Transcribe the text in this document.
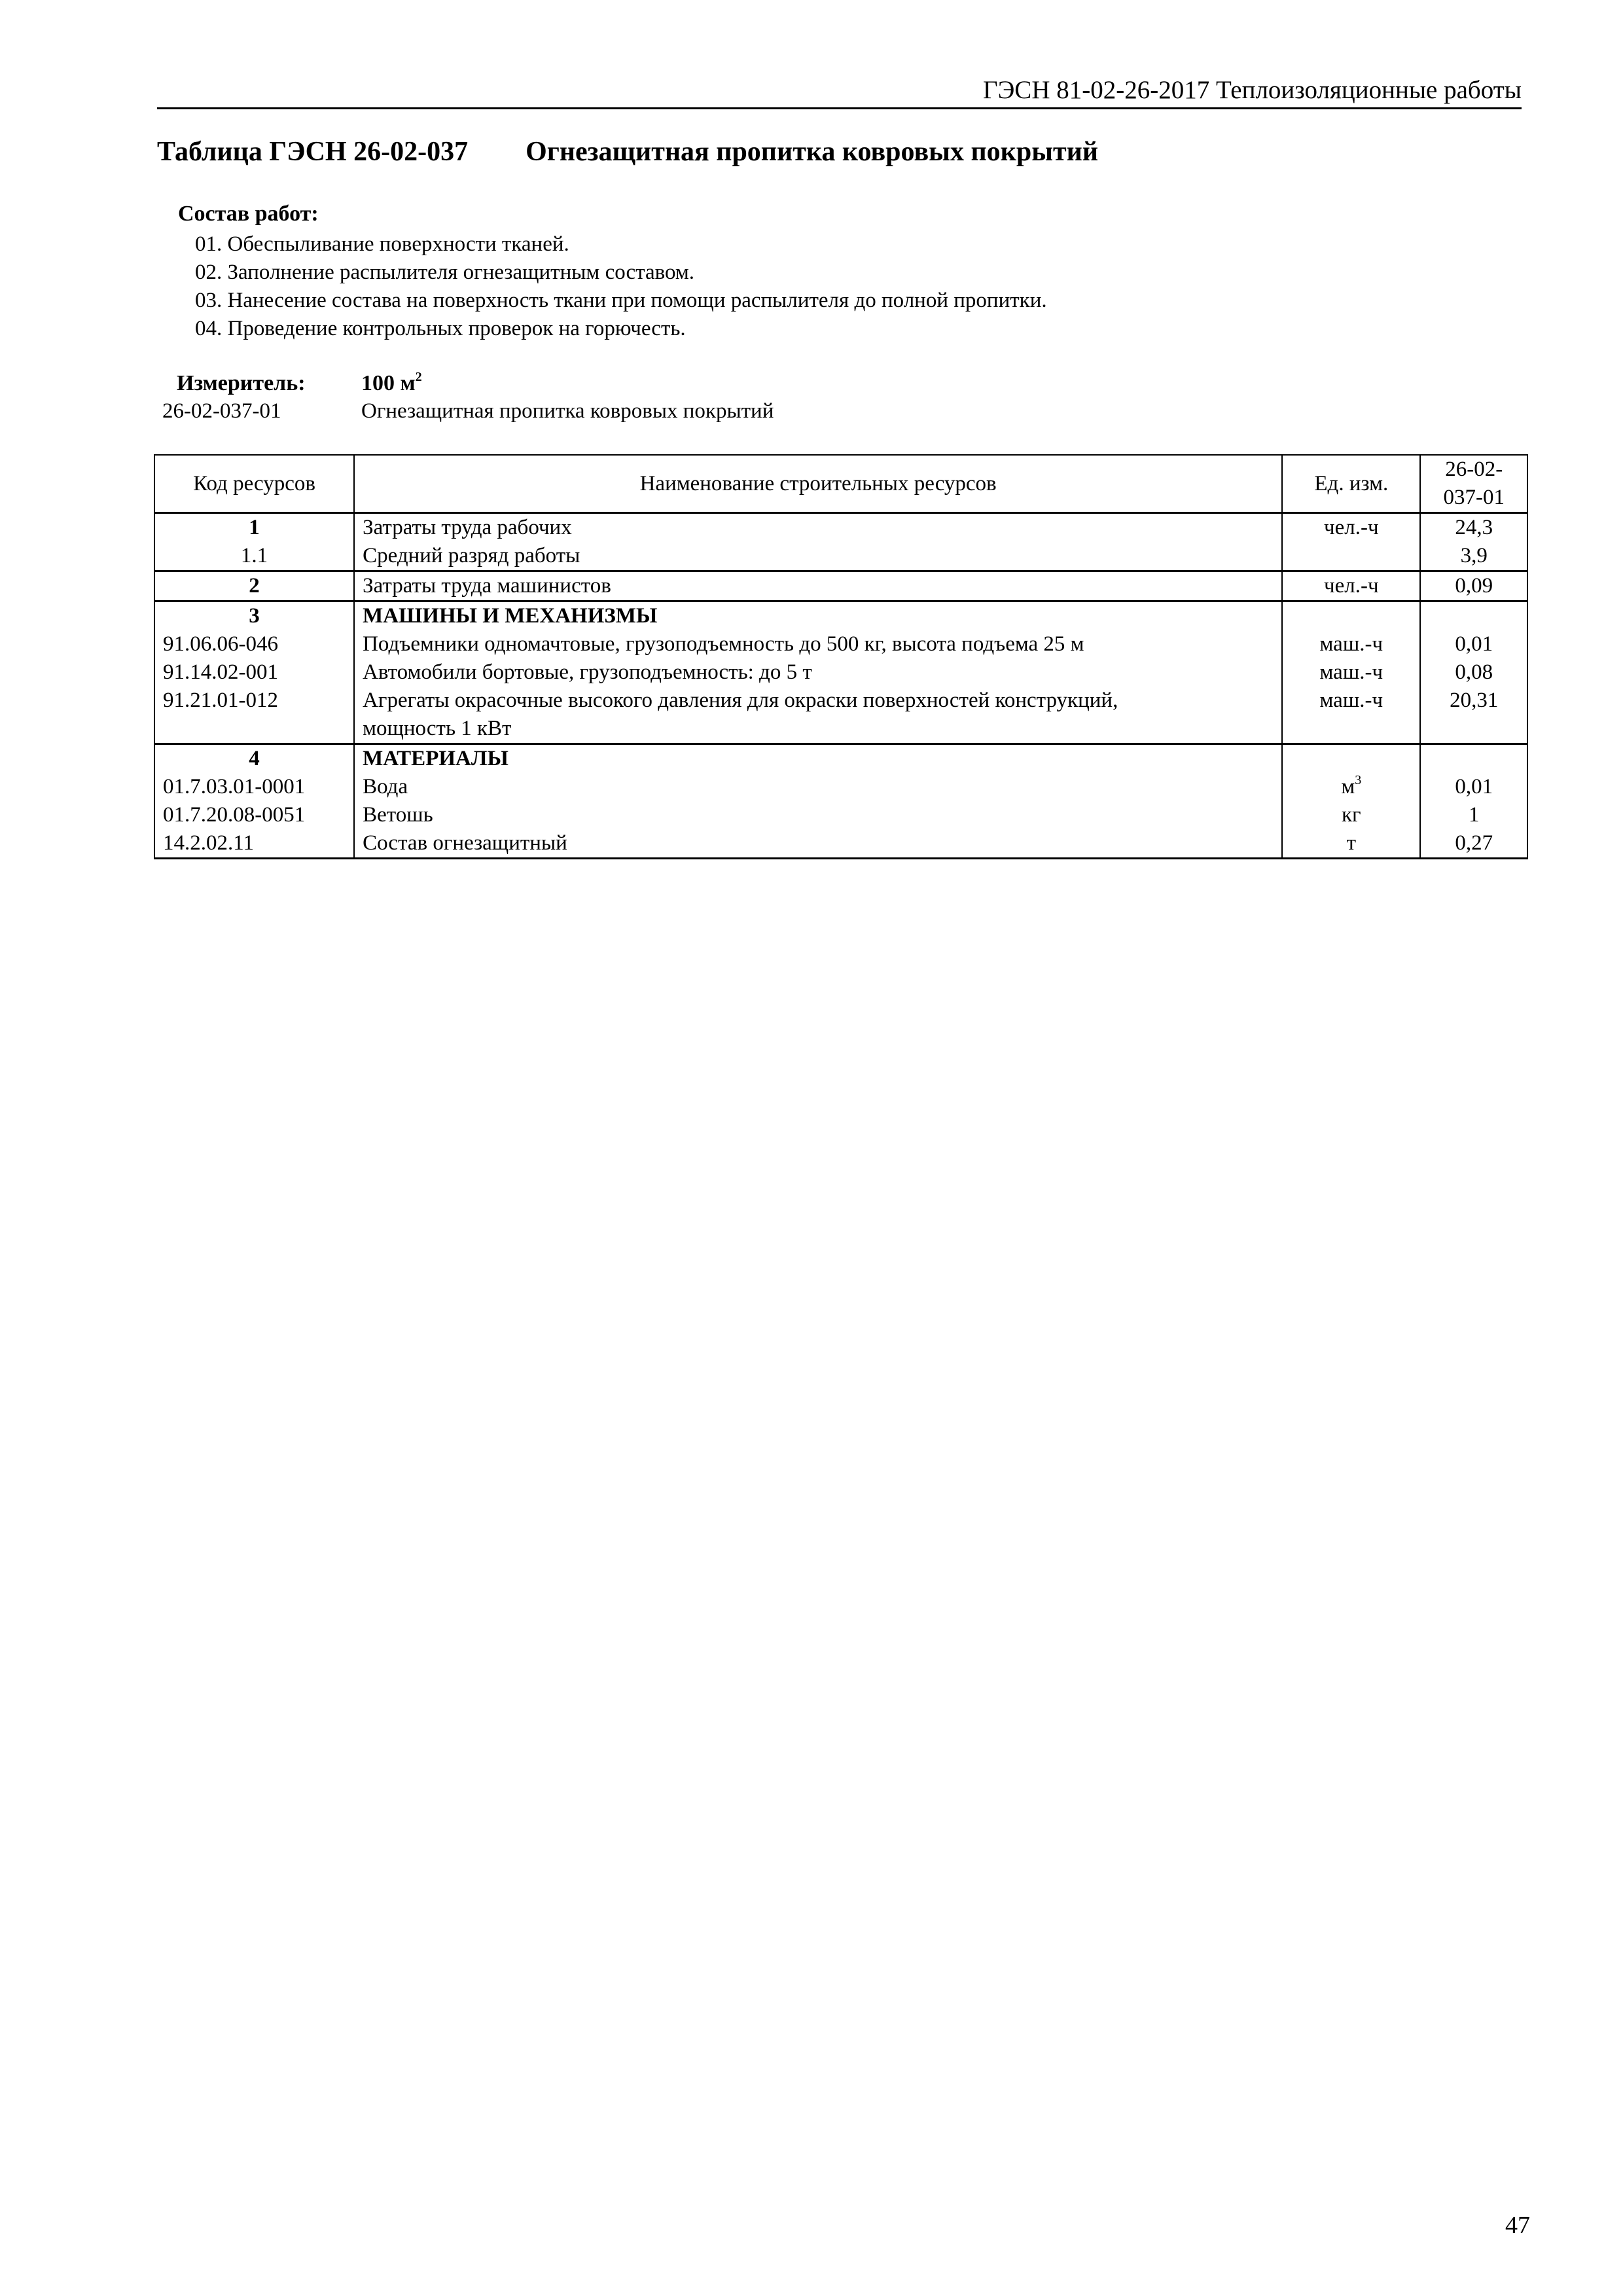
ГЭСН 81-02-26-2017 Теплоизоляционные работы
Таблица ГЭСН 26-02-037 Огнезащитная пропитка ковровых покрытий
Состав работ:
01. Обеспыливание поверхности тканей.
02. Заполнение распылителя огнезащитным составом.
03. Нанесение состава на поверхность ткани при помощи распылителя до полной пропитки.
04. Проведение контрольных проверок на горючесть.
Измеритель:	100 $м^2$
26-02-037-01	Огнезащитная пропитка ковровых покрытий
Код ресурсов	Наименование строительных ресурсов	Ед. изм.	26-02-
037-01
1	Затраты труда рабочих	чел.-ч	24,3
1.1	Средний разряд работы		3,9
2	Затраты труда машинистов	чел.-ч	0,09
3	МАШИНЫ И МЕХАНИЗМЫ		
91.06.06-046	Подъемники одномачтовые, грузоподъемность до 500 кг, высота подъема 25 м	маш.-ч	0,01
91.14.02-001	Автомобили бортовые, грузоподъемность: до 5 т	маш.-ч	0,08
91.21.01-012	Агрегаты окрасочные высокого давления для окраски поверхностей конструкций,
мощность 1 кВт	маш.-ч	20,31
4	МАТЕРИАЛЫ		
01.7.03.01-0001	Вода	$м^3$	0,01
01.7.20.08-0051	Ветошь	кг	1
14.2.02.11	Состав огнезащитный	т	0,27
47
